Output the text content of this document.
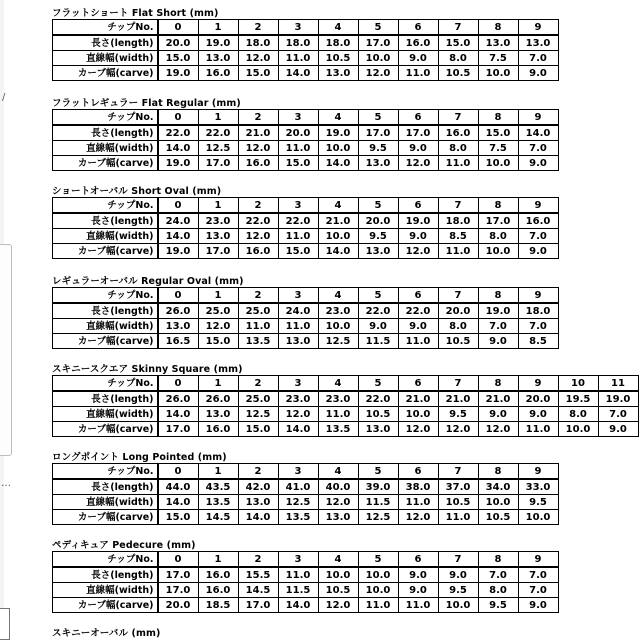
/
…
フラットショート Flat Short (mm)
チップNo.	0	1	2	3	4	5	6	7	8	9
長さ(length)	20.0	19.0	18.0	18.0	18.0	17.0	16.0	15.0	13.0	13.0
直線幅(width)	15.0	13.0	12.0	11.0	10.5	10.0	9.0	8.0	7.5	7.0
カーブ幅(carve)	19.0	16.0	15.0	14.0	13.0	12.0	11.0	10.5	10.0	9.0
フラットレギュラー Flat Regular (mm)
チップNo.	0	1	2	3	4	5	6	7	8	9
長さ(length)	22.0	22.0	21.0	20.0	19.0	17.0	17.0	16.0	15.0	14.0
直線幅(width)	14.0	12.5	12.0	11.0	10.0	9.5	9.0	8.0	7.5	7.0
カーブ幅(carve)	19.0	17.0	16.0	15.0	14.0	13.0	12.0	11.0	10.0	9.0
ショートオーバル Short Oval (mm)
チップNo.	0	1	2	3	4	5	6	7	8	9
長さ(length)	24.0	23.0	22.0	22.0	21.0	20.0	19.0	18.0	17.0	16.0
直線幅(width)	14.0	13.0	12.0	11.0	10.0	9.5	9.0	8.5	8.0	7.0
カーブ幅(carve)	19.0	17.0	16.0	15.0	14.0	13.0	12.0	11.0	10.0	9.0
レギュラーオーバル Regular Oval (mm)
チップNo.	0	1	2	3	4	5	6	7	8	9
長さ(length)	26.0	25.0	25.0	24.0	23.0	22.0	22.0	20.0	19.0	18.0
直線幅(width)	13.0	12.0	11.0	11.0	10.0	9.0	9.0	8.0	7.0	7.0
カーブ幅(carve)	16.5	15.0	13.5	13.0	12.5	11.5	11.0	10.5	9.0	8.5
スキニースクエア Skinny Square (mm)
チップNo.	0	1	2	3	4	5	6	7	8	9	10	11
長さ(length)	26.0	26.0	25.0	23.0	23.0	22.0	21.0	21.0	21.0	20.0	19.5	19.0
直線幅(width)	14.0	13.0	12.5	12.0	11.0	10.5	10.0	9.5	9.0	9.0	8.0	7.0
カーブ幅(carve)	17.0	16.0	15.0	14.0	13.5	13.0	12.0	12.0	12.0	11.0	10.0	9.0
ロングポイント Long Pointed (mm)
チップNo.	0	1	2	3	4	5	6	7	8	9
長さ(length)	44.0	43.5	42.0	41.0	40.0	39.0	38.0	37.0	34.0	33.0
直線幅(width)	14.0	13.5	13.0	12.5	12.0	11.5	11.0	10.5	10.0	9.5
カーブ幅(carve)	15.0	14.5	14.0	13.5	13.0	12.5	12.0	11.0	10.5	10.0
ペディキュア Pedecure (mm)
チップNo.	0	1	2	3	4	5	6	7	8	9
長さ(length)	17.0	16.0	15.5	11.0	10.0	10.0	9.0	9.0	7.0	7.0
直線幅(width)	17.0	16.0	14.5	11.5	10.5	10.0	9.0	9.5	8.0	7.0
カーブ幅(carve)	20.0	18.5	17.0	14.0	12.0	11.0	11.0	10.0	9.5	9.0
スキニーオーバル (mm)
